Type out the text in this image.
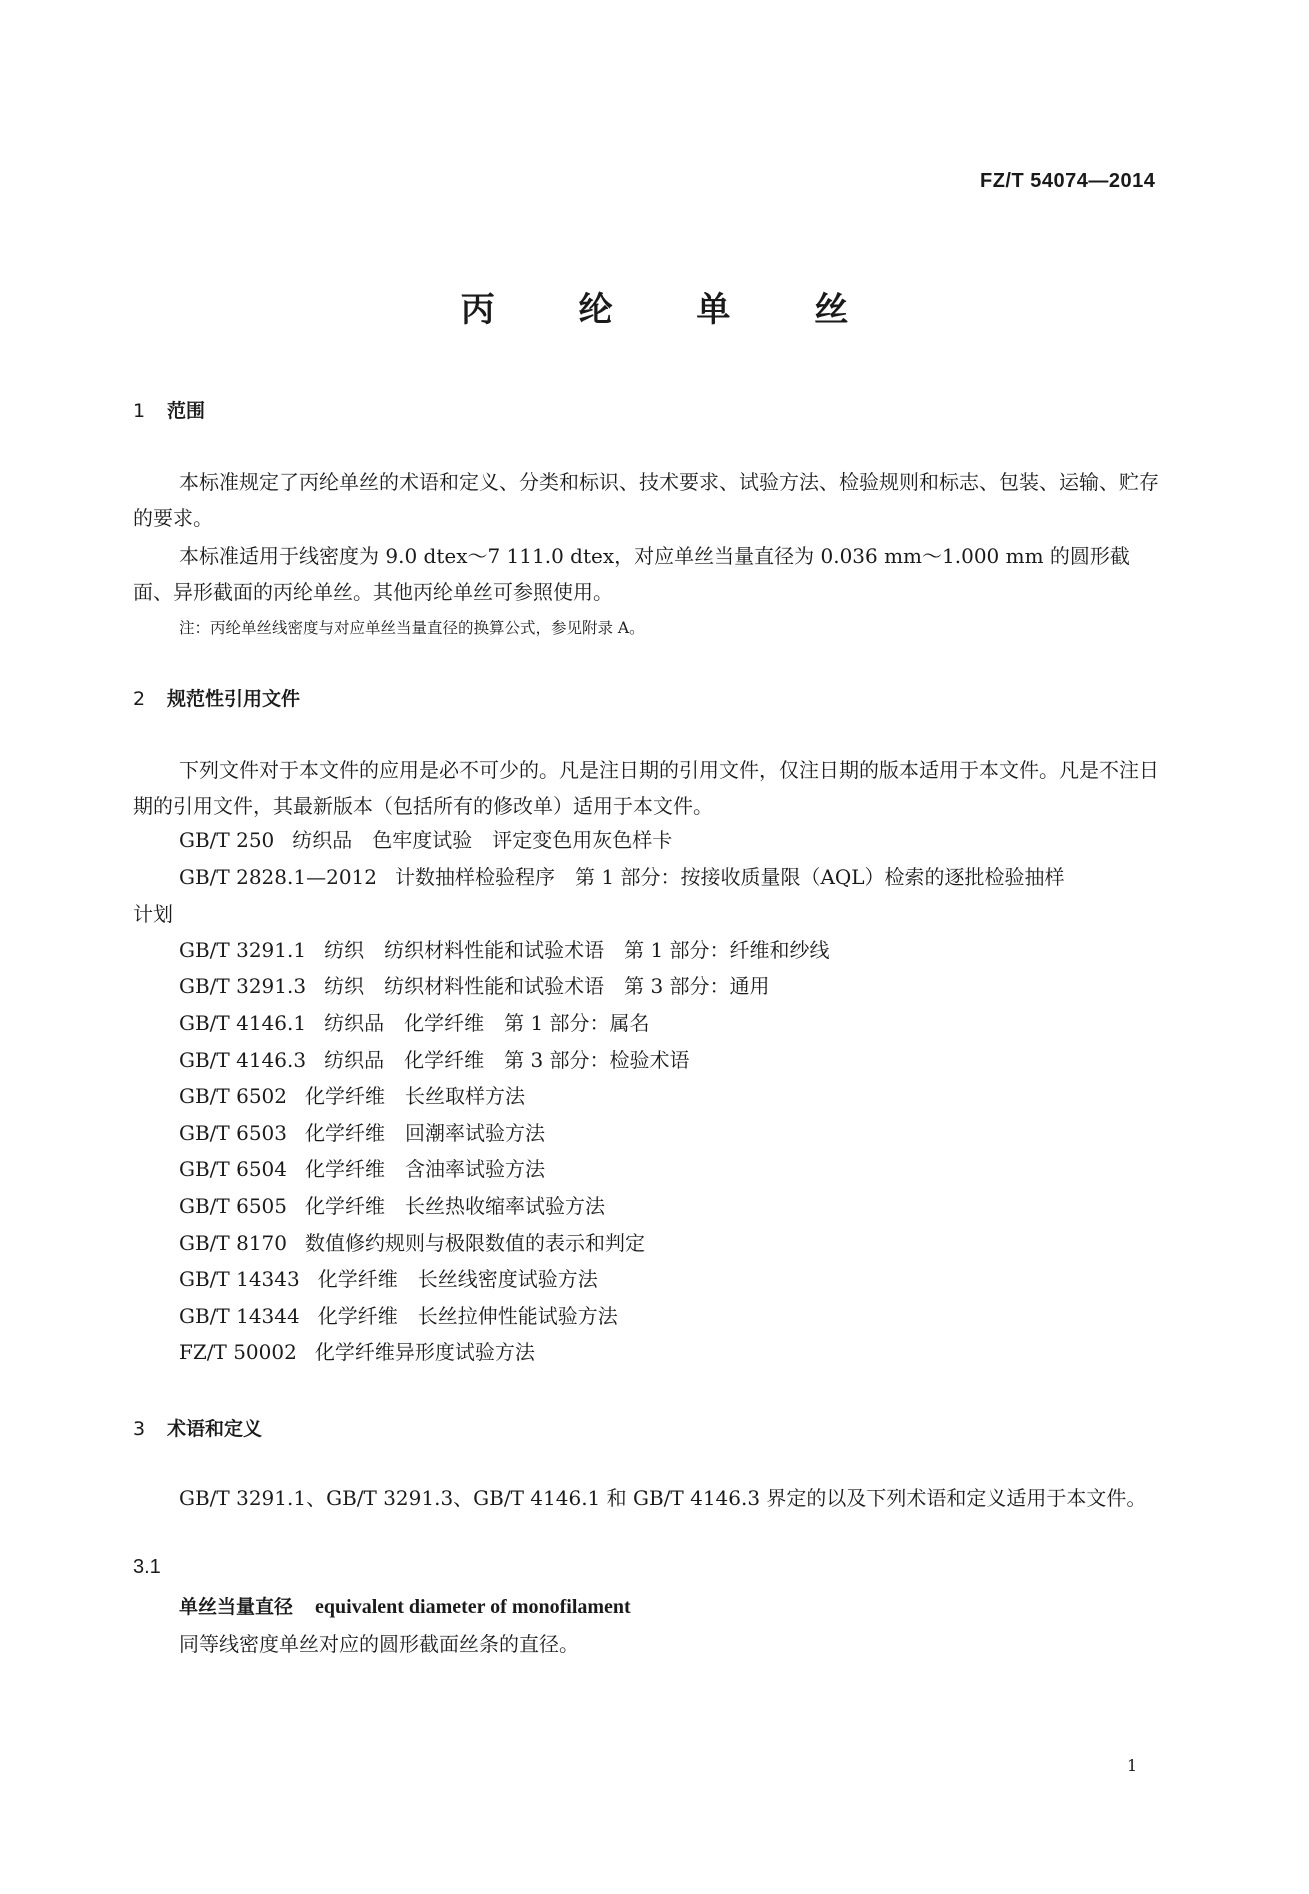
FZ/T 54074—2014
丙 纶 单 丝
1 范围
本标准规定了丙纶单丝的术语和定义、分类和标识、技术要求、试验方法、检验规则和标志、包装、运输、贮存的要求。
本标准适用于线密度为 9.0 dtex～7 111.0 dtex，对应单丝当量直径为 0.036 mm～1.000 mm 的圆形截面、异形截面的丙纶单丝。其他丙纶单丝可参照使用。
注：丙纶单丝线密度与对应单丝当量直径的换算公式，参见附录 A。
2 规范性引用文件
下列文件对于本文件的应用是必不可少的。凡是注日期的引用文件，仅注日期的版本适用于本文件。凡是不注日期的引用文件，其最新版本（包括所有的修改单）适用于本文件。
GB/T 250 纺织品　色牢度试验　评定变色用灰色样卡
GB/T 2828.1—2012 计数抽样检验程序　第 1 部分：按接收质量限（AQL）检索的逐批检验抽样
GB/T 3291.1 纺织　纺织材料性能和试验术语　第 1 部分：纤维和纱线
GB/T 3291.3 纺织　纺织材料性能和试验术语　第 3 部分：通用
GB/T 4146.1 纺织品　化学纤维　第 1 部分：属名
GB/T 4146.3 纺织品　化学纤维　第 3 部分：检验术语
GB/T 6502 化学纤维　长丝取样方法
GB/T 6503 化学纤维　回潮率试验方法
GB/T 6504 化学纤维　含油率试验方法
GB/T 6505 化学纤维　长丝热收缩率试验方法
GB/T 8170 数值修约规则与极限数值的表示和判定
GB/T 14343 化学纤维　长丝线密度试验方法
GB/T 14344 化学纤维　长丝拉伸性能试验方法
FZ/T 50002 化学纤维异形度试验方法
计划
3 术语和定义
GB/T 3291.1、GB/T 3291.3、GB/T 4146.1 和 GB/T 4146.3 界定的以及下列术语和定义适用于本文件。
3.1
单丝当量直径 equivalent diameter of monofilament
同等线密度单丝对应的圆形截面丝条的直径。
1
